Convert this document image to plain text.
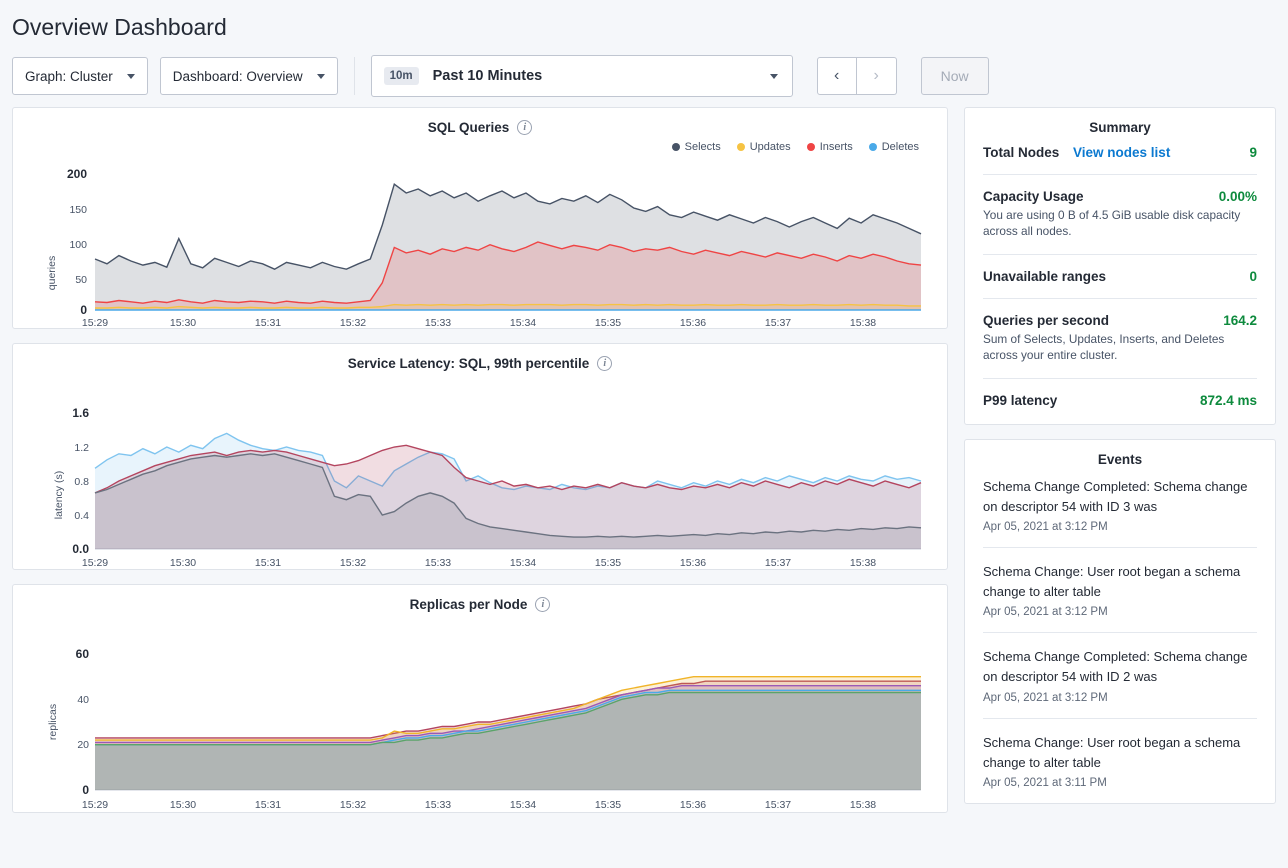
Overview Dashboard
Graph: Cluster	Dashboard: Overview	10m	Past 10 Minutes	‹	›	Now
SQL Queries	i
Selects	Updates	Inserts	Deletes
queries
200
150
100
50
0
15:29	15:30	15:31	15:32	15:33	15:34	15:35	15:36	15:37	15:38
Service Latency: SQL, 99th percentile	i
latency (s)
1.6
1.2
0.8
0.4
0.0
15:29	15:30	15:31	15:32	15:33	15:34	15:35	15:36	15:37	15:38
Replicas per Node	i
replicas
60
40
20
0
15:29	15:30	15:31	15:32	15:33	15:34	15:35	15:36	15:37	15:38
Summary
Total Nodes View nodes list	9
Capacity Usage	0.00%
You are using 0 B of 4.5 GiB usable disk capacity across all nodes.
Unavailable ranges	0
Queries per second	164.2
Sum of Selects, Updates, Inserts, and Deletes across your entire cluster.
P99 latency	872.4 ms
Events
Schema Change Completed: Schema change on descriptor 54 with ID 3 was
Apr 05, 2021 at 3:12 PM
Schema Change: User root began a schema change to alter table
Apr 05, 2021 at 3:12 PM
Schema Change Completed: Schema change on descriptor 54 with ID 2 was
Apr 05, 2021 at 3:12 PM
Schema Change: User root began a schema change to alter table
Apr 05, 2021 at 3:11 PM
